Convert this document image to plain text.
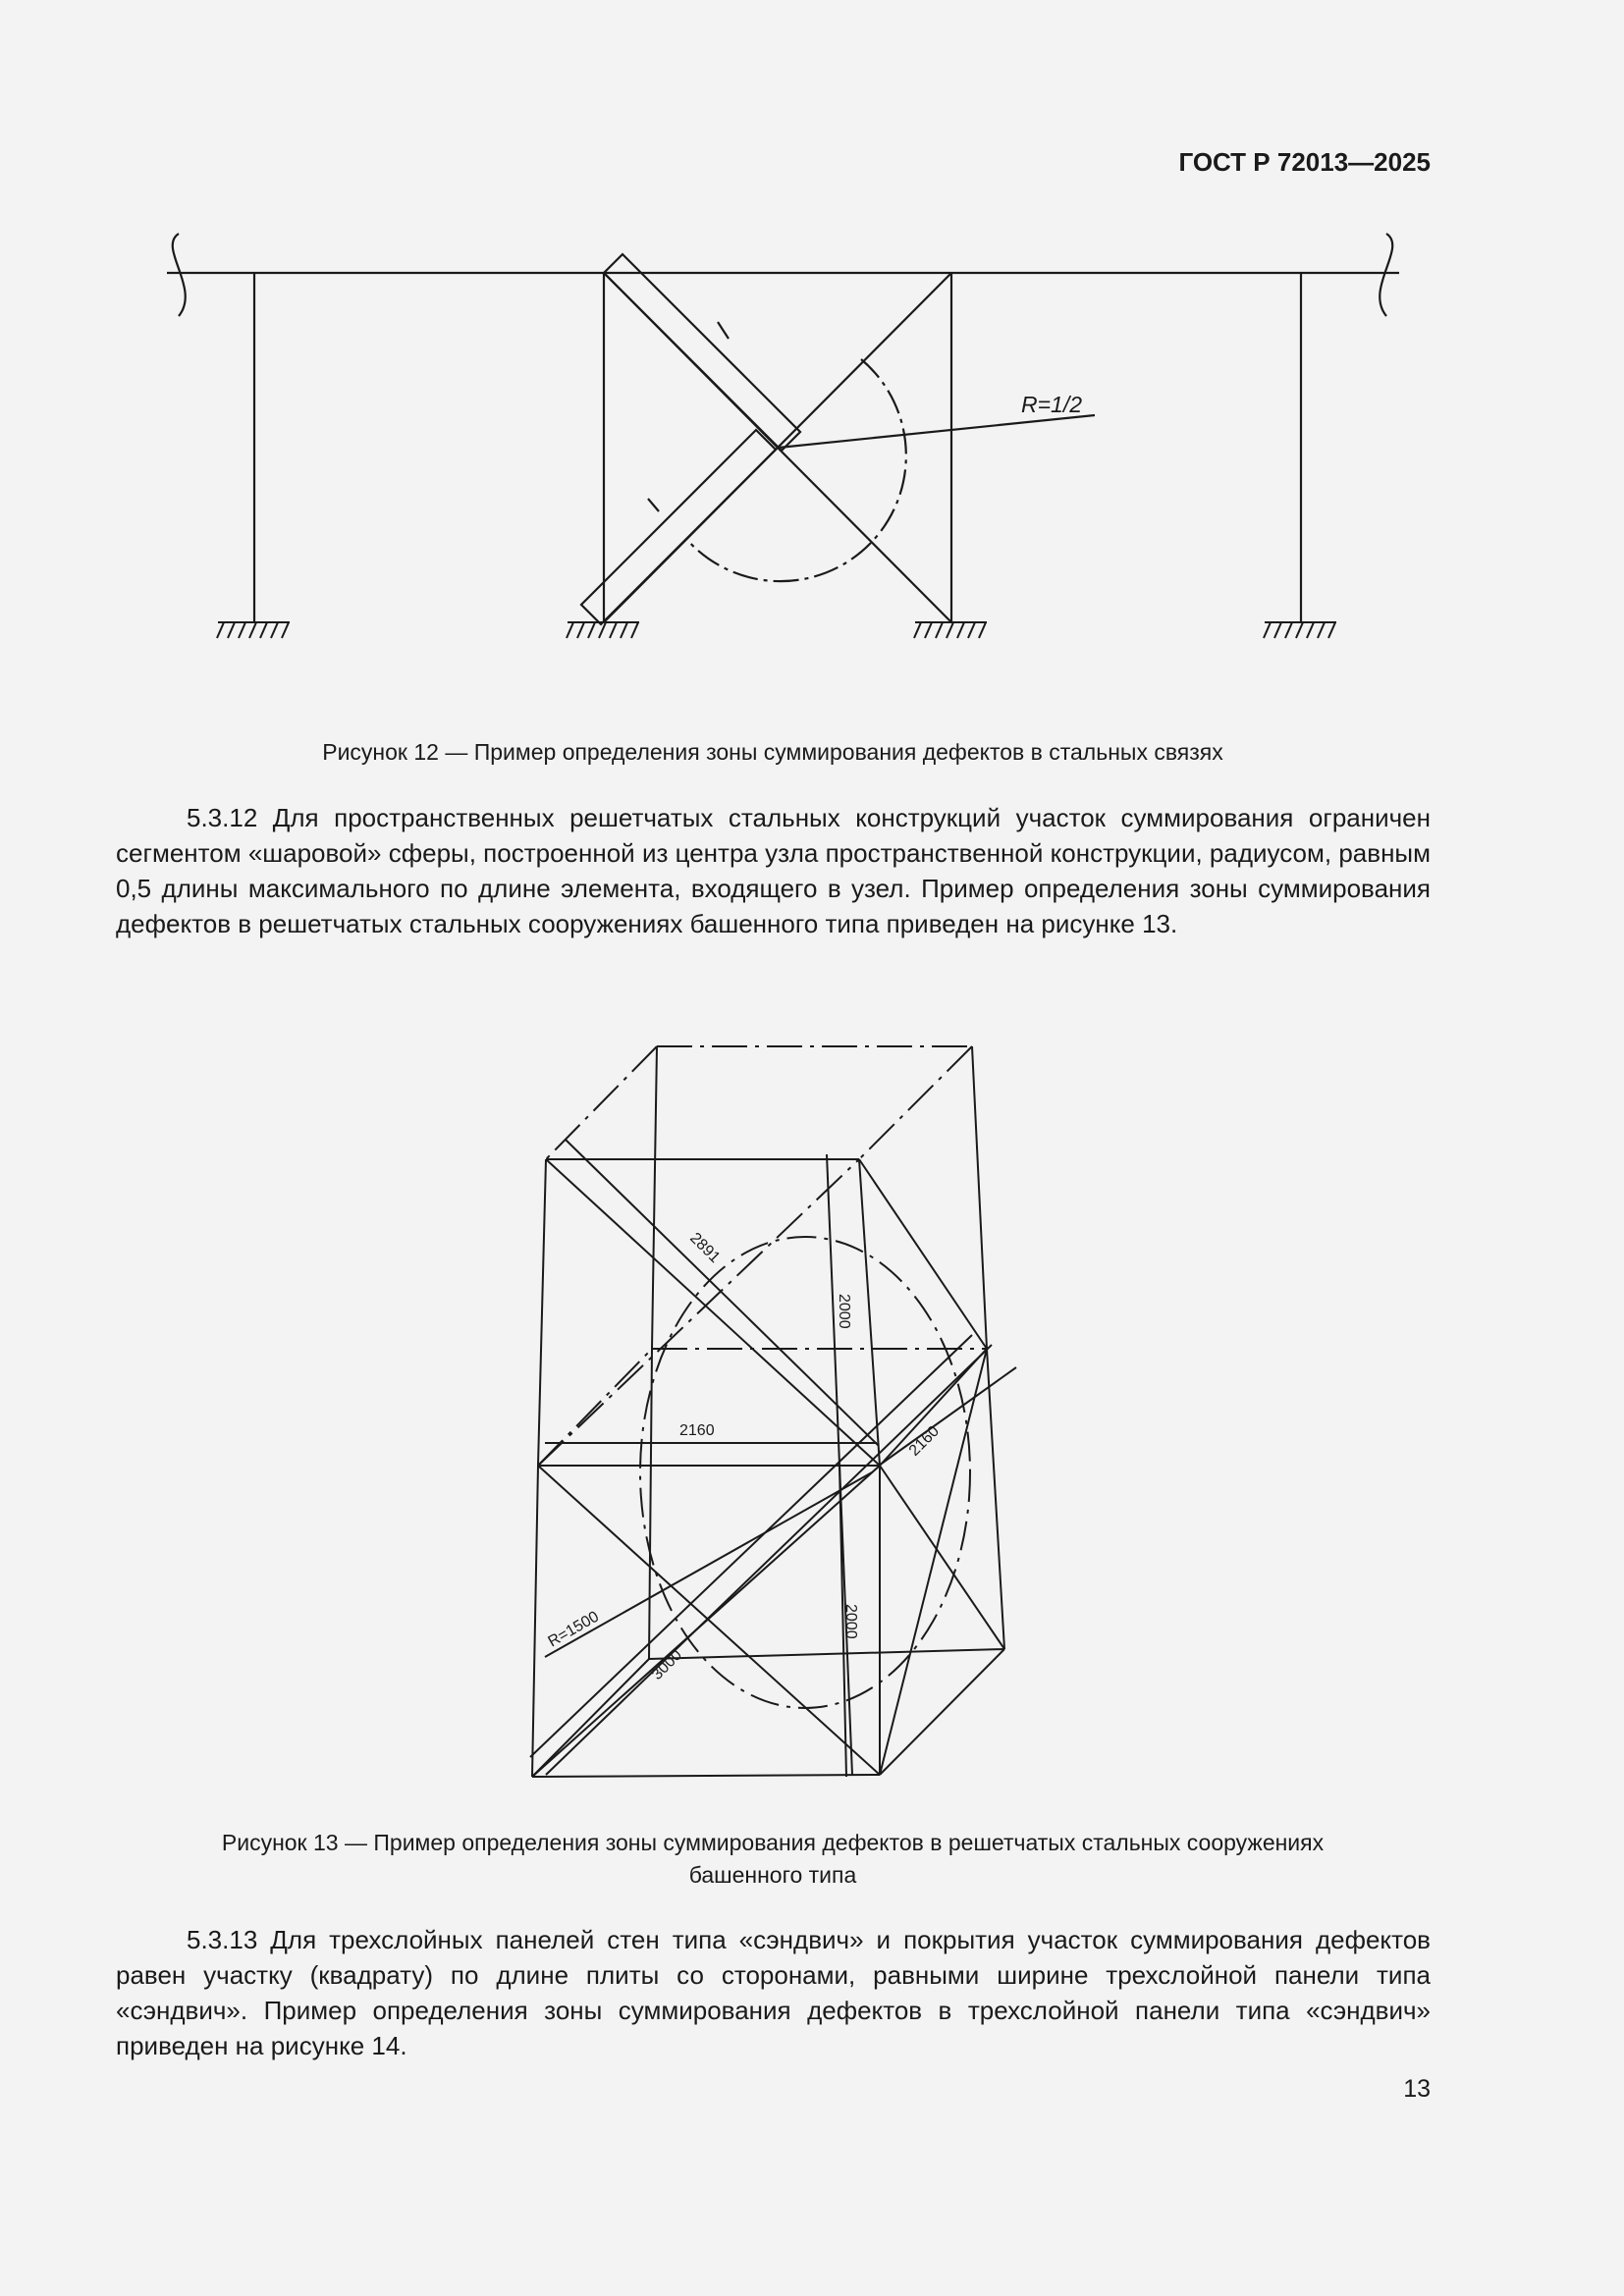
ГОСТ Р 72013—2025
R=1/2
l
l
Рисунок 12 — Пример определения зоны суммирования дефектов в стальных связях

5.3.12 Для пространственных решетчатых стальных конструкций участок суммирования ограничен сегментом «шаровой» сферы, построенной из центра узла пространственной конструкции, радиусом, равным 0,5 длины максимального по длине элемента, входящего в узел. Пример определения зоны суммирования дефектов в решетчатых стальных сооружениях башенного типа приведен на рисунке 13.

2891
2000
2160	2160
R=1500
3000
2000
Рисунок 13 — Пример определения зоны суммирования дефектов в решетчатых стальных сооружениях
башенного типа

5.3.13 Для трехслойных панелей стен типа «сэндвич» и покрытия участок суммирования дефектов равен участку (квадрату) по длине плиты со сторонами, равными ширине трехслойной панели типа «сэндвич». Пример определения зоны суммирования дефектов в трехслойной панели типа «сэндвич» приведен на рисунке 14.

13
